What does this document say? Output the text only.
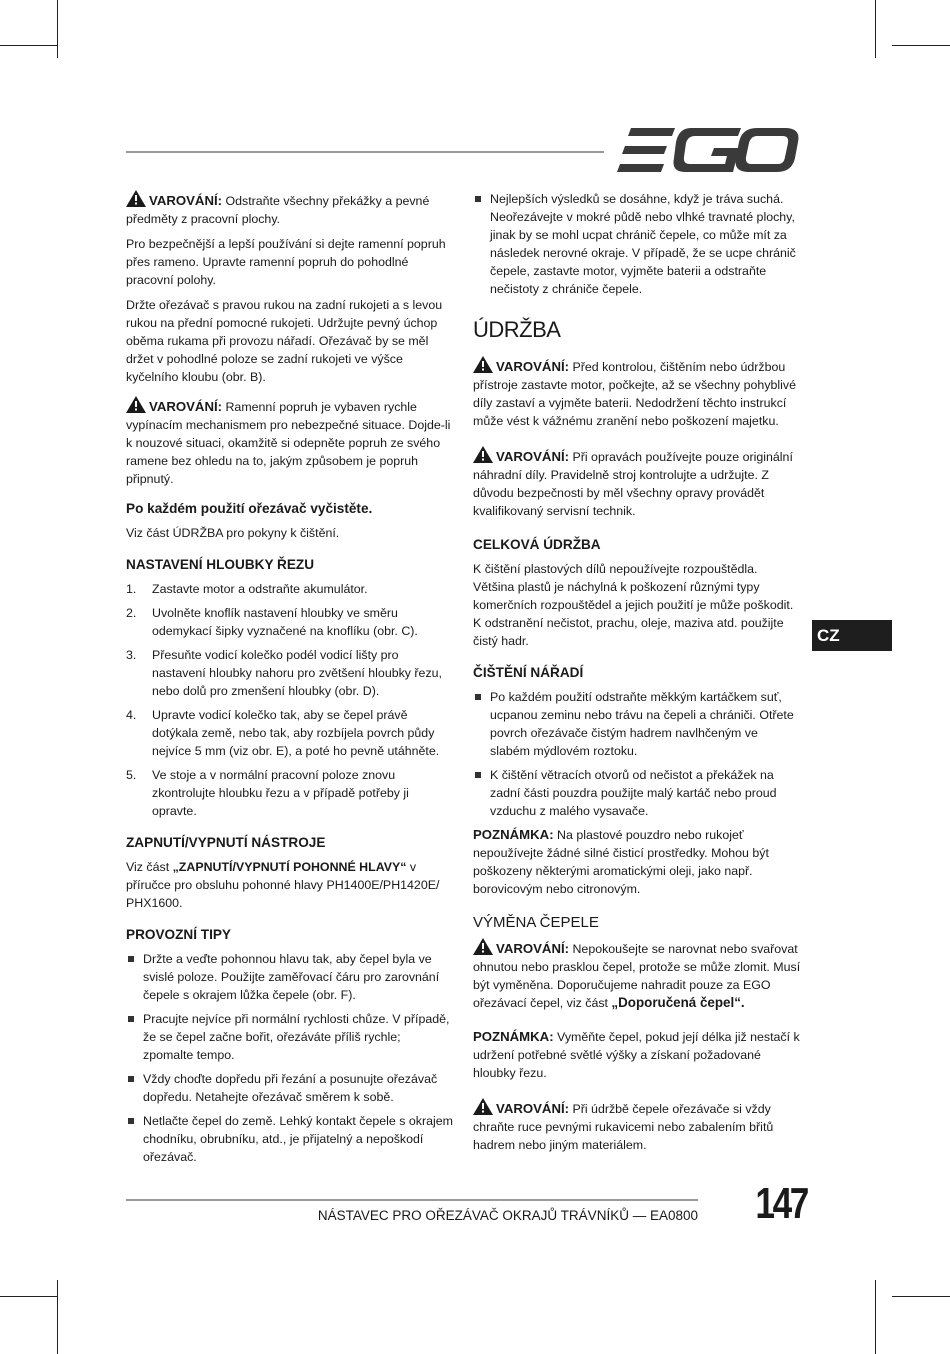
VAROVÁNÍ: Odstraňte všechny překážky a pevné předměty z pracovní plochy.

Pro bezpečnější a lepší používání si dejte ramenní popruh přes rameno. Upravte ramenní popruh do pohodlné pracovní polohy.

Držte ořezávač s pravou rukou na zadní rukojeti a s levou rukou na přední pomocné rukojeti. Udržujte pevný úchop oběma rukama při provozu nářadí. Ořezávač by se měl držet v pohodlné poloze se zadní rukojeti ve výšce kyčelního kloubu (obr. B).

VAROVÁNÍ: Ramenní popruh je vybaven rychle vypínacím mechanismem pro nebezpečné situace. Dojde-li k nouzové situaci, okamžitě si odepněte popruh ze svého ramene bez ohledu na to, jakým způsobem je popruh připnutý.

Po každém použití ořezávač vyčistěte.

Viz část ÚDRŽBA pro pokyny k čištění.

NASTAVENÍ HLOUBKY ŘEZU
1. Zastavte motor a odstraňte akumulátor.
2. Uvolněte knoflík nastavení hloubky ve směru odemykací šipky vyznačené na knoflíku (obr. C).
3. Přesuňte vodicí kolečko podél vodicí lišty pro nastavení hloubky nahoru pro zvětšení hloubky řezu, nebo dolů pro zmenšení hloubky (obr. D).
4. Upravte vodicí kolečko tak, aby se čepel právě dotýkala země, nebo tak, aby rozbíjela povrch půdy nejvíce 5 mm (viz obr. E), a poté ho pevně utáhněte.
5. Ve stoje a v normální pracovní poloze znovu zkontrolujte hloubku řezu a v případě potřeby ji opravte.
ZAPNUTÍ/VYPNUTÍ NÁSTROJE

Viz část „ZAPNUTÍ/VYPNUTÍ POHONNÉ HLAVY“ v příručce pro obsluhu pohonné hlavy PH1400E/PH1420E/ PHX1600.

PROVOZNÍ TIPY
Držte a veďte pohonnou hlavu tak, aby čepel byla ve svislé poloze. Použijte zaměřovací čáru pro zarovnání čepele s okrajem lůžka čepele (obr. F).
Pracujte nejvíce při normální rychlosti chůze. V případě, že se čepel začne bořit, ořezáváte příliš rychle; zpomalte tempo.
Vždy choďte dopředu při řezání a posunujte ořezávač dopředu. Netahejte ořezávač směrem k sobě.
Netlačte čepel do země. Lehký kontakt čepele s okrajem chodníku, obrubníku, atd., je přijatelný a nepoškodí ořezávač.
Nejlepších výsledků se dosáhne, když je tráva suchá. Neořezávejte v mokré půdě nebo vlhké travnaté plochy, jinak by se mohl ucpat chránič čepele, co může mít za následek nerovné okraje. V případě, že se ucpe chránič čepele, zastavte motor, vyjměte baterii a odstraňte nečistoty z chrániče čepele.
ÚDRŽBA

VAROVÁNÍ: Před kontrolou, čištěním nebo údržbou přístroje zastavte motor, počkejte, až se všechny pohyblivé díly zastaví a vyjměte baterii. Nedodržení těchto instrukcí může vést k vážnému zranění nebo poškození majetku.

VAROVÁNÍ: Při opravách používejte pouze originální náhradní díly. Pravidelně stroj kontrolujte a udržujte. Z důvodu bezpečnosti by měl všechny opravy provádět kvalifikovaný servisní technik.

CELKOVÁ ÚDRŽBA

K čištění plastových dílů nepoužívejte rozpouštědla. Většina plastů je náchylná k poškození různými typy komerčních rozpouštědel a jejich použití je může poškodit. K odstranění nečistot, prachu, oleje, maziva atd. použijte čistý hadr.

ČIŠTĚNÍ NÁŘADÍ
Po každém použití odstraňte měkkým kartáčkem suť, ucpanou zeminu nebo trávu na čepeli a chrániči. Otřete povrch ořezávače čistým hadrem navlhčeným ve slabém mýdlovém roztoku.
K čištění větracích otvorů od nečistot a překážek na zadní části pouzdra použijte malý kartáč nebo proud vzduchu z malého vysavače.

POZNÁMKA: Na plastové pouzdro nebo rukojeť nepoužívejte žádné silné čisticí prostředky. Mohou být poškozeny některými aromatickými oleji, jako např. borovicovým nebo citronovým.

VÝMĚNA ČEPELE

VAROVÁNÍ: Nepokoušejte se narovnat nebo svařovat ohnutou nebo prasklou čepel, protože se může zlomit. Musí být vyměněna. Doporučujeme nahradit pouze za EGO ořezávací čepel, viz část „Doporučená čepel“.

POZNÁMKA: Vyměňte čepel, pokud její délka již nestačí k udržení potřebné světlé výšky a získaní požadované hloubky řezu.

VAROVÁNÍ: Při údržbě čepele ořezávače si vždy chraňte ruce pevnými rukavicemi nebo zabalením břitů hadrem nebo jiným materiálem.

CZ
NÁSTAVEC PRO OŘEZÁVAČ OKRAJŮ TRÁVNÍKŮ — EA0800 147
